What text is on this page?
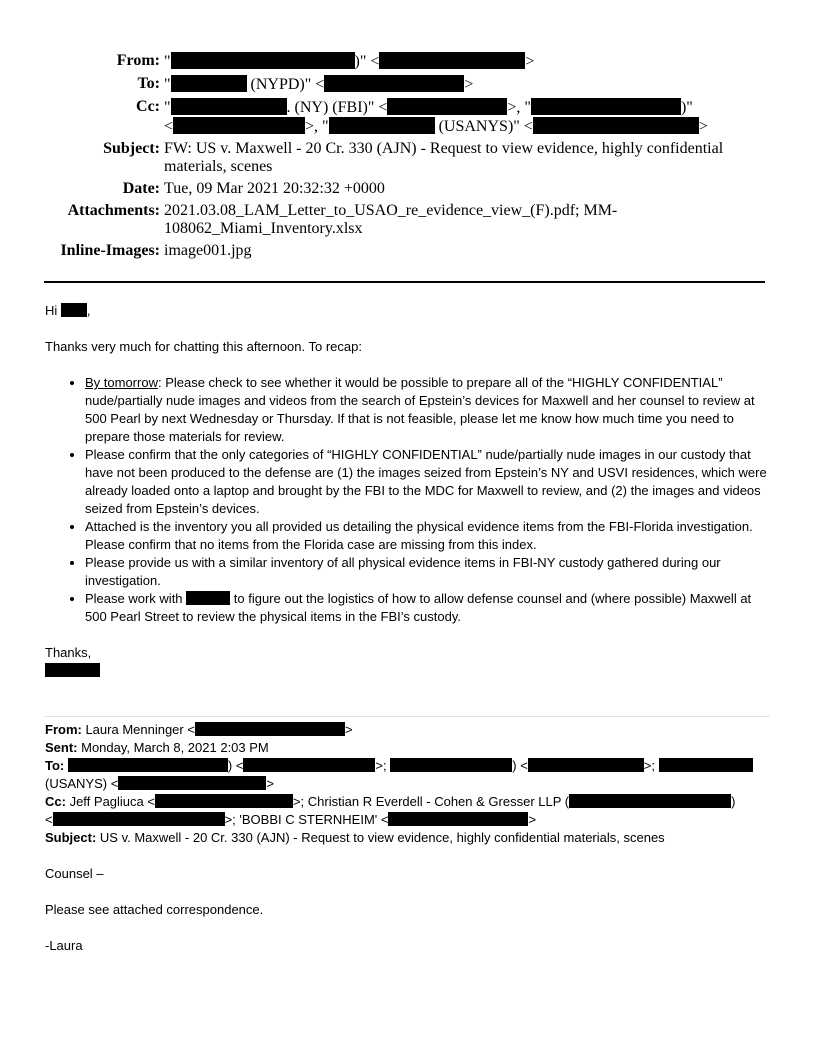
From: "	)" <	>
To: "	(NYPD)" <	>
Cc: "	. (NY) (FBI)" <	>, "	)"
<	>, "	(USANYS)" <	>
Subject: FW: US v. Maxwell - 20 Cr. 330 (AJN) - Request to view evidence, highly confidential materials, scenes
Date: Tue, 09 Mar 2021 20:32:32 +0000
Attachments: 2021.03.08_LAM_Letter_to_USAO_re_evidence_view_(F).pdf; MM-108062_Miami_Inventory.xlsx
Inline-Images: image001.jpg

Hi ,

Thanks very much for chatting this afternoon. To recap:

• By tomorrow: Please check to see whether it would be possible to prepare all of the “HIGHLY CONFIDENTIAL” nude/partially nude images and videos from the search of Epstein’s devices for Maxwell and her counsel to review at 500 Pearl by next Wednesday or Thursday. If that is not feasible, please let me know how much time you need to prepare those materials for review.
• Please confirm that the only categories of “HIGHLY CONFIDENTIAL” nude/partially nude images in our custody that have not been produced to the defense are (1) the images seized from Epstein’s NY and USVI residences, which were already loaded onto a laptop and brought by the FBI to the MDC for Maxwell to review, and (2) the images and videos seized from Epstein’s devices.
• Attached is the inventory you all provided us detailing the physical evidence items from the FBI-Florida investigation. Please confirm that no items from the Florida case are missing from this index.
• Please provide us with a similar inventory of all physical evidence items in FBI-NY custody gathered during our investigation.
• Please work with	to figure out the logistics of how to allow defense counsel and (where possible) Maxwell at 500 Pearl Street to review the physical items in the FBI’s custody.

Thanks,

From: Laura Menninger <	>
Sent: Monday, March 8, 2021 2:03 PM
To:	) <	>;	) <	>;
(USANYS) <	>
Cc: Jeff Pagliuca <	>; Christian R Everdell - Cohen & Gresser LLP (	)
<	>; 'BOBBI C STERNHEIM' <	>
Subject: US v. Maxwell - 20 Cr. 330 (AJN) - Request to view evidence, highly confidential materials, scenes
Counsel –
Please see attached correspondence.
-Laura
